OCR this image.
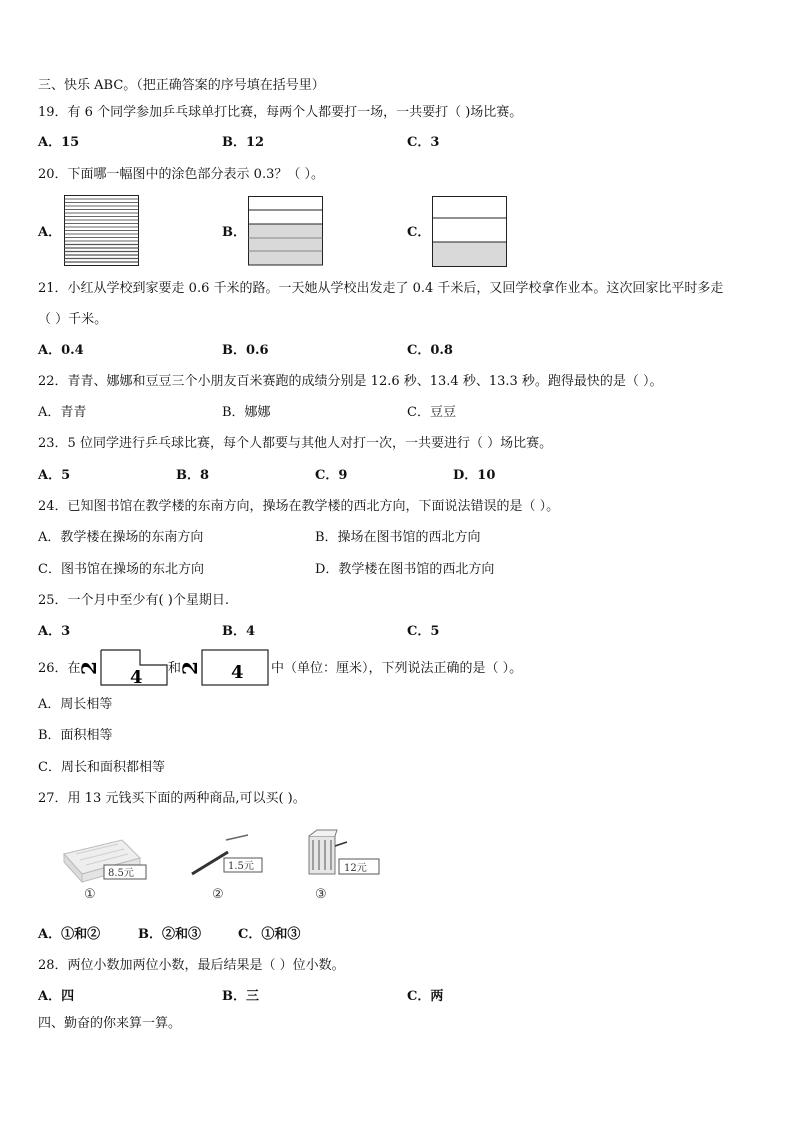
三、快乐 ABC。（把正确答案的序号填在括号里）
19．有 6 个同学参加乒乓球单打比赛，每两个人都要打一场，一共要打（ )场比赛。
A．15	B．12	C．3
20．下面哪一幅图中的涂色部分表示 0.3？（ ）。
A．	B．	C．
21．小红从学校到家要走 0.6 千米的路。一天她从学校出发走了 0.4 千米后，又回学校拿作业本。这次回家比平时多走
（ ）千米。
A．0.4	B．0.6	C．0.8
22．青青、娜娜和豆豆三个小朋友百米赛跑的成绩分别是 12.6 秒、13.4 秒、13.3 秒。跑得最快的是（ ）。
A．青青	B．娜娜	C．豆豆
23．5 位同学进行乒乓球比赛，每个人都要与其他人对打一次，一共要进行（ ）场比赛。
A．5	B．8	C．9	D．10
24．已知图书馆在教学楼的东南方向，操场在教学楼的西北方向，下面说法错误的是（ ）。
A．教学楼在操场的东南方向	B．操场在图书馆的西北方向
C．图书馆在操场的东北方向	D．教学楼在图书馆的西北方向
25．一个月中至少有( )个星期日.
A．3	B．4	C．5
26．在
2 4 和
2 4 中（单位：厘米），下列说法正确的是（ ）。
A．周长相等
B．面积相等
C．周长和面积都相等
27．用 13 元钱买下面的两种商品,可以买( )。
8.5元
①
1.5元
②
12元
③
A．①和②	B．②和③	C．①和③
28．两位小数加两位小数，最后结果是（ ）位小数。
A．四	B．三	C．两
四、勤奋的你来算一算。
